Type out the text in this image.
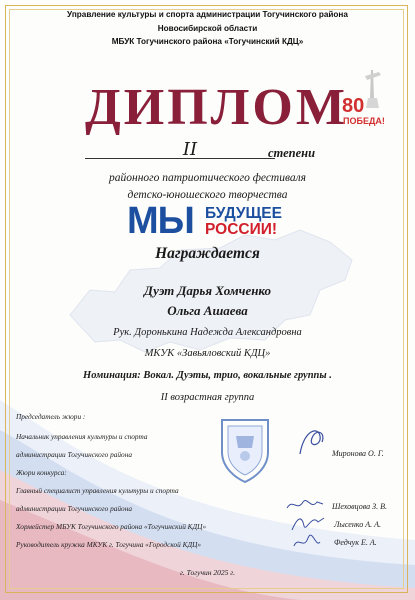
Управление культуры и спорта администрации Тогучинского района
Новосибирской области
МБУК Тогучинского района «Тогучинский КДЦ»
ДИПЛОМ
80
ПОБЕДА!
II	степени
районного патриотического фестиваля
детско-юношеского творчества
МЫ БУДУЩЕЕ
РОССИИ!
Награждается
Дуэт Дарья Хомченко
Ольга Ашаева
Рук. Доронькина Надежда Александровна
МКУК «Завьяловский КДЦ»
Номинация: Вокал. Дуэты, трио, вокальные группы .
II возрастная группа
Председатель жюри :
Начальник управления культуры и спорта
администрации Тогучинского района	Миронова О. Г.
Жюри конкурса:
Главный специалист управления культуры и спорта
администрации Тогучинского района	Шеховцова З. В.
Хормейстер МБУК Тогучинского района «Тогучинский КДЦ»	Лысенко А. А.
Руководитель кружка МКУК г. Тогучина «Городской КДЦ»	Федчук Е. А.
г. Тогучин 2025 г.
